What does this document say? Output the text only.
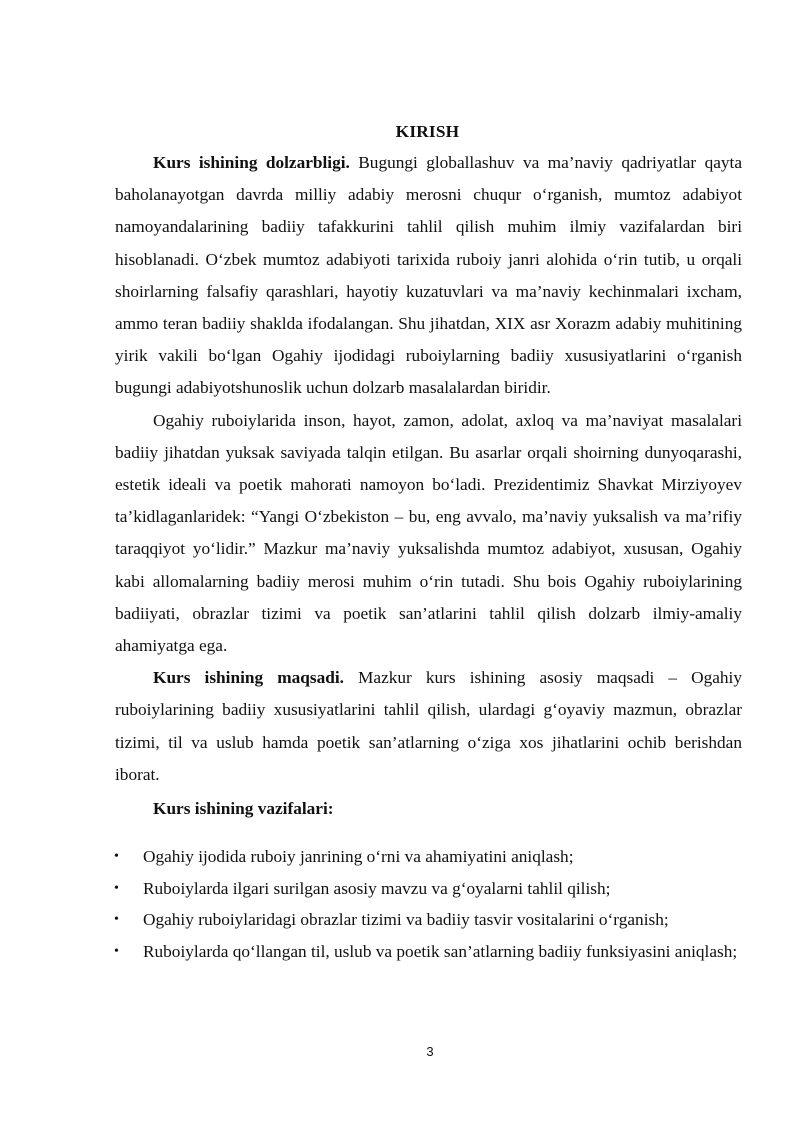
KIRISH

Kurs ishining dolzarbligi. Bugungi globallashuv va ma’naviy qadriyatlar qayta baholanayotgan davrda milliy adabiy merosni chuqur o‘rganish, mumtoz adabiyot namoyandalarining badiiy tafakkurini tahlil qilish muhim ilmiy vazifalardan biri hisoblanadi. O‘zbek mumtoz adabiyoti tarixida ruboiy janri alohida o‘rin tutib, u orqali shoirlarning falsafiy qarashlari, hayotiy kuzatuvlari va ma’naviy kechinmalari ixcham, ammo teran badiiy shaklda ifodalangan. Shu jihatdan, XIX asr Xorazm adabiy muhitining yirik vakili bo‘lgan Ogahiy ijodidagi ruboiylarning badiiy xususiyatlarini o‘rganish bugungi adabiyotshunoslik uchun dolzarb masalalardan biridir.

Ogahiy ruboiylarida inson, hayot, zamon, adolat, axloq va ma’naviyat masalalari badiiy jihatdan yuksak saviyada talqin etilgan. Bu asarlar orqali shoirning dunyoqarashi, estetik ideali va poetik mahorati namoyon bo‘ladi. Prezidentimiz Shavkat Mirziyoyev ta’kidlaganlaridek: “Yangi O‘zbekiston – bu, eng avvalo, ma’naviy yuksalish va ma’rifiy taraqqiyot yo‘lidir.” Mazkur ma’naviy yuksalishda mumtoz adabiyot, xususan, Ogahiy kabi allomalarning badiiy merosi muhim o‘rin tutadi. Shu bois Ogahiy ruboiylarining badiiyati, obrazlar tizimi va poetik san’atlarini tahlil qilish dolzarb ilmiy-amaliy ahamiyatga ega.

Kurs ishining maqsadi. Mazkur kurs ishining asosiy maqsadi – Ogahiy ruboiylarining badiiy xususiyatlarini tahlil qilish, ulardagi g‘oyaviy mazmun, obrazlar tizimi, til va uslub hamda poetik san’atlarning o‘ziga xos jihatlarini ochib berishdan iborat.

Kurs ishining vazifalari:

• Ogahiy ijodida ruboiy janrining o‘rni va ahamiyatini aniqlash;
• Ruboiylarda ilgari surilgan asosiy mavzu va g‘oyalarni tahlil qilish;
• Ogahiy ruboiylaridagi obrazlar tizimi va badiiy tasvir vositalarini o‘rganish;
• Ruboiylarda qo‘llangan til, uslub va poetik san’atlarning badiiy funksiyasini aniqlash;
3
